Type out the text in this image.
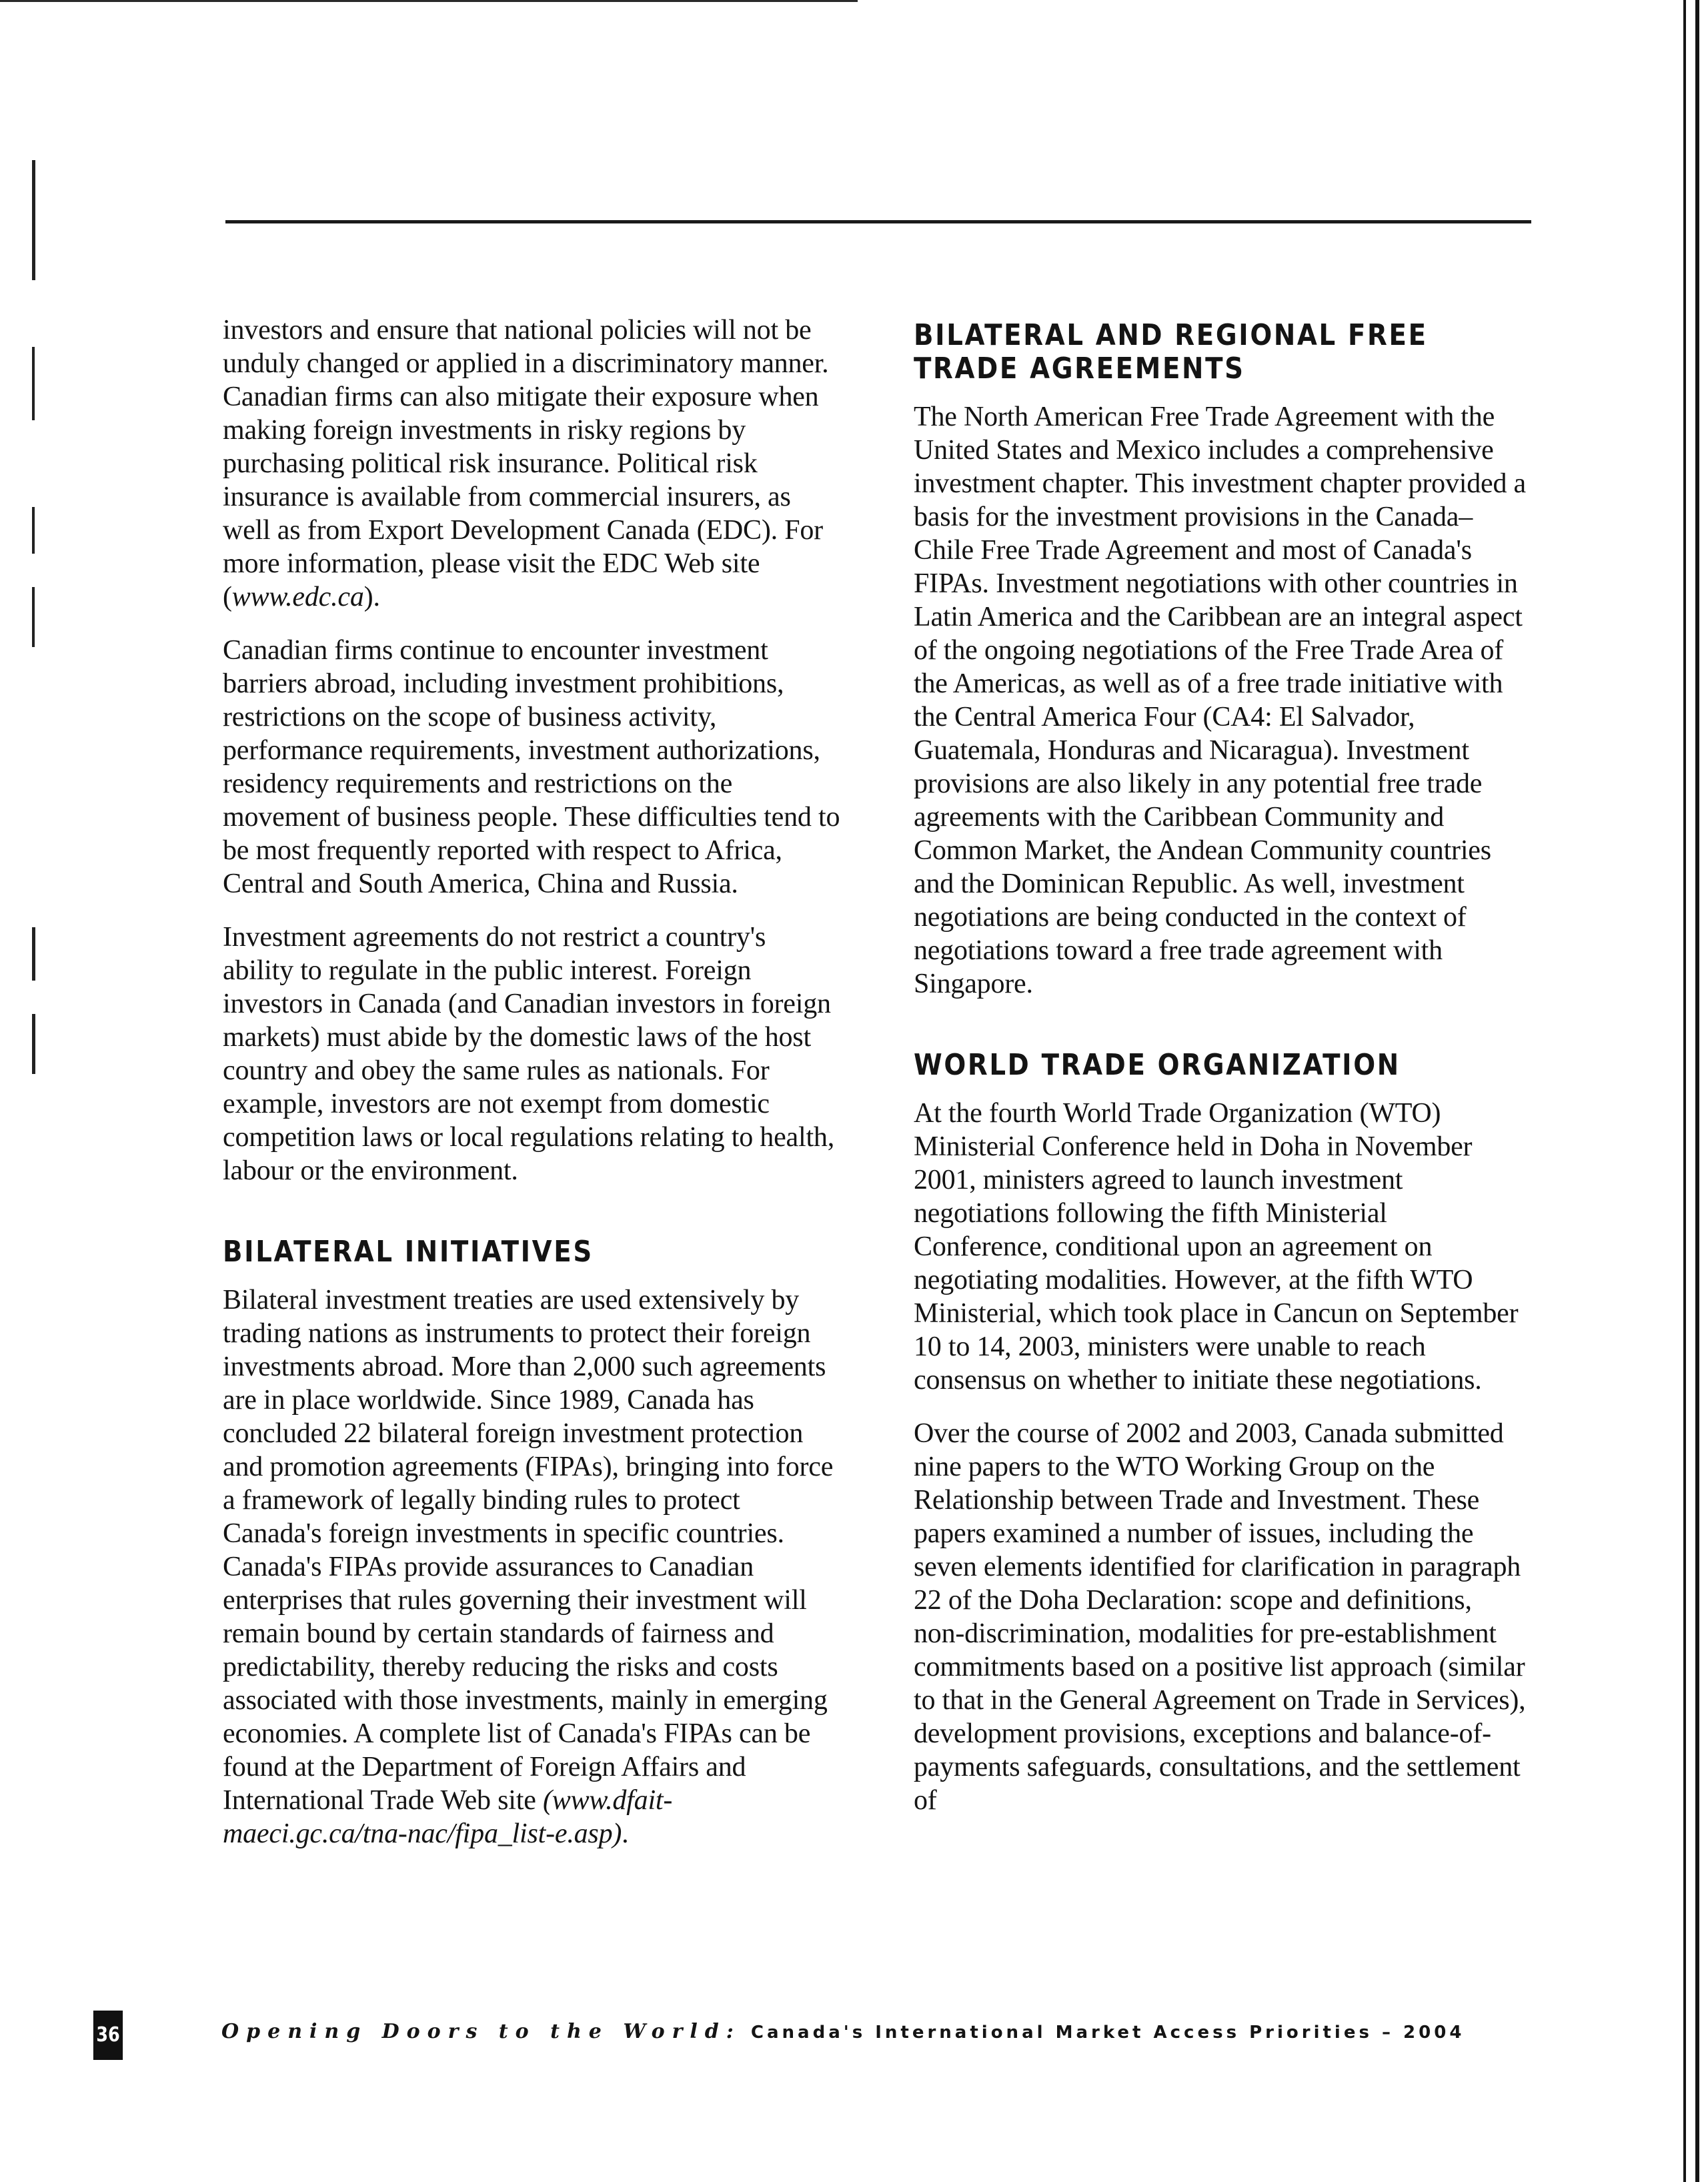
investors and ensure that national policies will not be unduly changed or applied in a discriminatory manner. Canadian firms can also mitigate their exposure when making foreign investments in risky regions by purchasing political risk insurance. Political risk insurance is available from commercial insurers, as well as from Export Development Canada (EDC). For more information, please visit the EDC Web site (www.edc.ca).

Canadian firms continue to encounter investment barriers abroad, including investment prohibitions, restrictions on the scope of business activity, performance requirements, investment authorizations, residency requirements and restrictions on the movement of business people. These difficulties tend to be most frequently reported with respect to Africa, Central and South America, China and Russia.

Investment agreements do not restrict a country's ability to regulate in the public interest. Foreign investors in Canada (and Canadian investors in foreign markets) must abide by the domestic laws of the host country and obey the same rules as nationals. For example, investors are not exempt from domestic competition laws or local regulations relating to health, labour or the environment.

BILATERAL INITIATIVES

Bilateral investment treaties are used extensively by trading nations as instruments to protect their foreign investments abroad. More than 2,000 such agreements are in place worldwide. Since 1989, Canada has concluded 22 bilateral foreign investment protection and promotion agreements (FIPAs), bringing into force a framework of legally binding rules to protect Canada's foreign investments in specific countries. Canada's FIPAs provide assurances to Canadian enterprises that rules governing their investment will remain bound by certain standards of fairness and predictability, thereby reducing the risks and costs associated with those investments, mainly in emerging economies. A complete list of Canada's FIPAs can be found at the Department of Foreign Affairs and International Trade Web site (www.dfait-maeci.gc.ca/tna-nac/fipa_list-e.asp).

BILATERAL AND REGIONAL FREE TRADE AGREEMENTS

The North American Free Trade Agreement with the United States and Mexico includes a comprehensive investment chapter. This investment chapter provided a basis for the investment provisions in the Canada–Chile Free Trade Agreement and most of Canada's FIPAs. Investment negotiations with other countries in Latin America and the Caribbean are an integral aspect of the ongoing negotiations of the Free Trade Area of the Americas, as well as of a free trade initiative with the Central America Four (CA4: El Salvador, Guatemala, Honduras and Nicaragua). Investment provisions are also likely in any potential free trade agreements with the Caribbean Community and Common Market, the Andean Community countries and the Dominican Republic. As well, investment negotiations are being conducted in the context of negotiations toward a free trade agreement with Singapore.

WORLD TRADE ORGANIZATION

At the fourth World Trade Organization (WTO) Ministerial Conference held in Doha in November 2001, ministers agreed to launch investment negotiations following the fifth Ministerial Conference, conditional upon an agreement on negotiating modalities. However, at the fifth WTO Ministerial, which took place in Cancun on September 10 to 14, 2003, ministers were unable to reach consensus on whether to initiate these negotiations.

Over the course of 2002 and 2003, Canada submitted nine papers to the WTO Working Group on the Relationship between Trade and Investment. These papers examined a number of issues, including the seven elements identified for clarification in paragraph 22 of the Doha Declaration: scope and definitions, non-discrimination, modalities for pre-establishment commitments based on a positive list approach (similar to that in the General Agreement on Trade in Services), development provisions, exceptions and balance-of-payments safeguards, consultations, and the settlement of

36	Opening Doors to the World: Canada's International Market Access Priorities – 2004
